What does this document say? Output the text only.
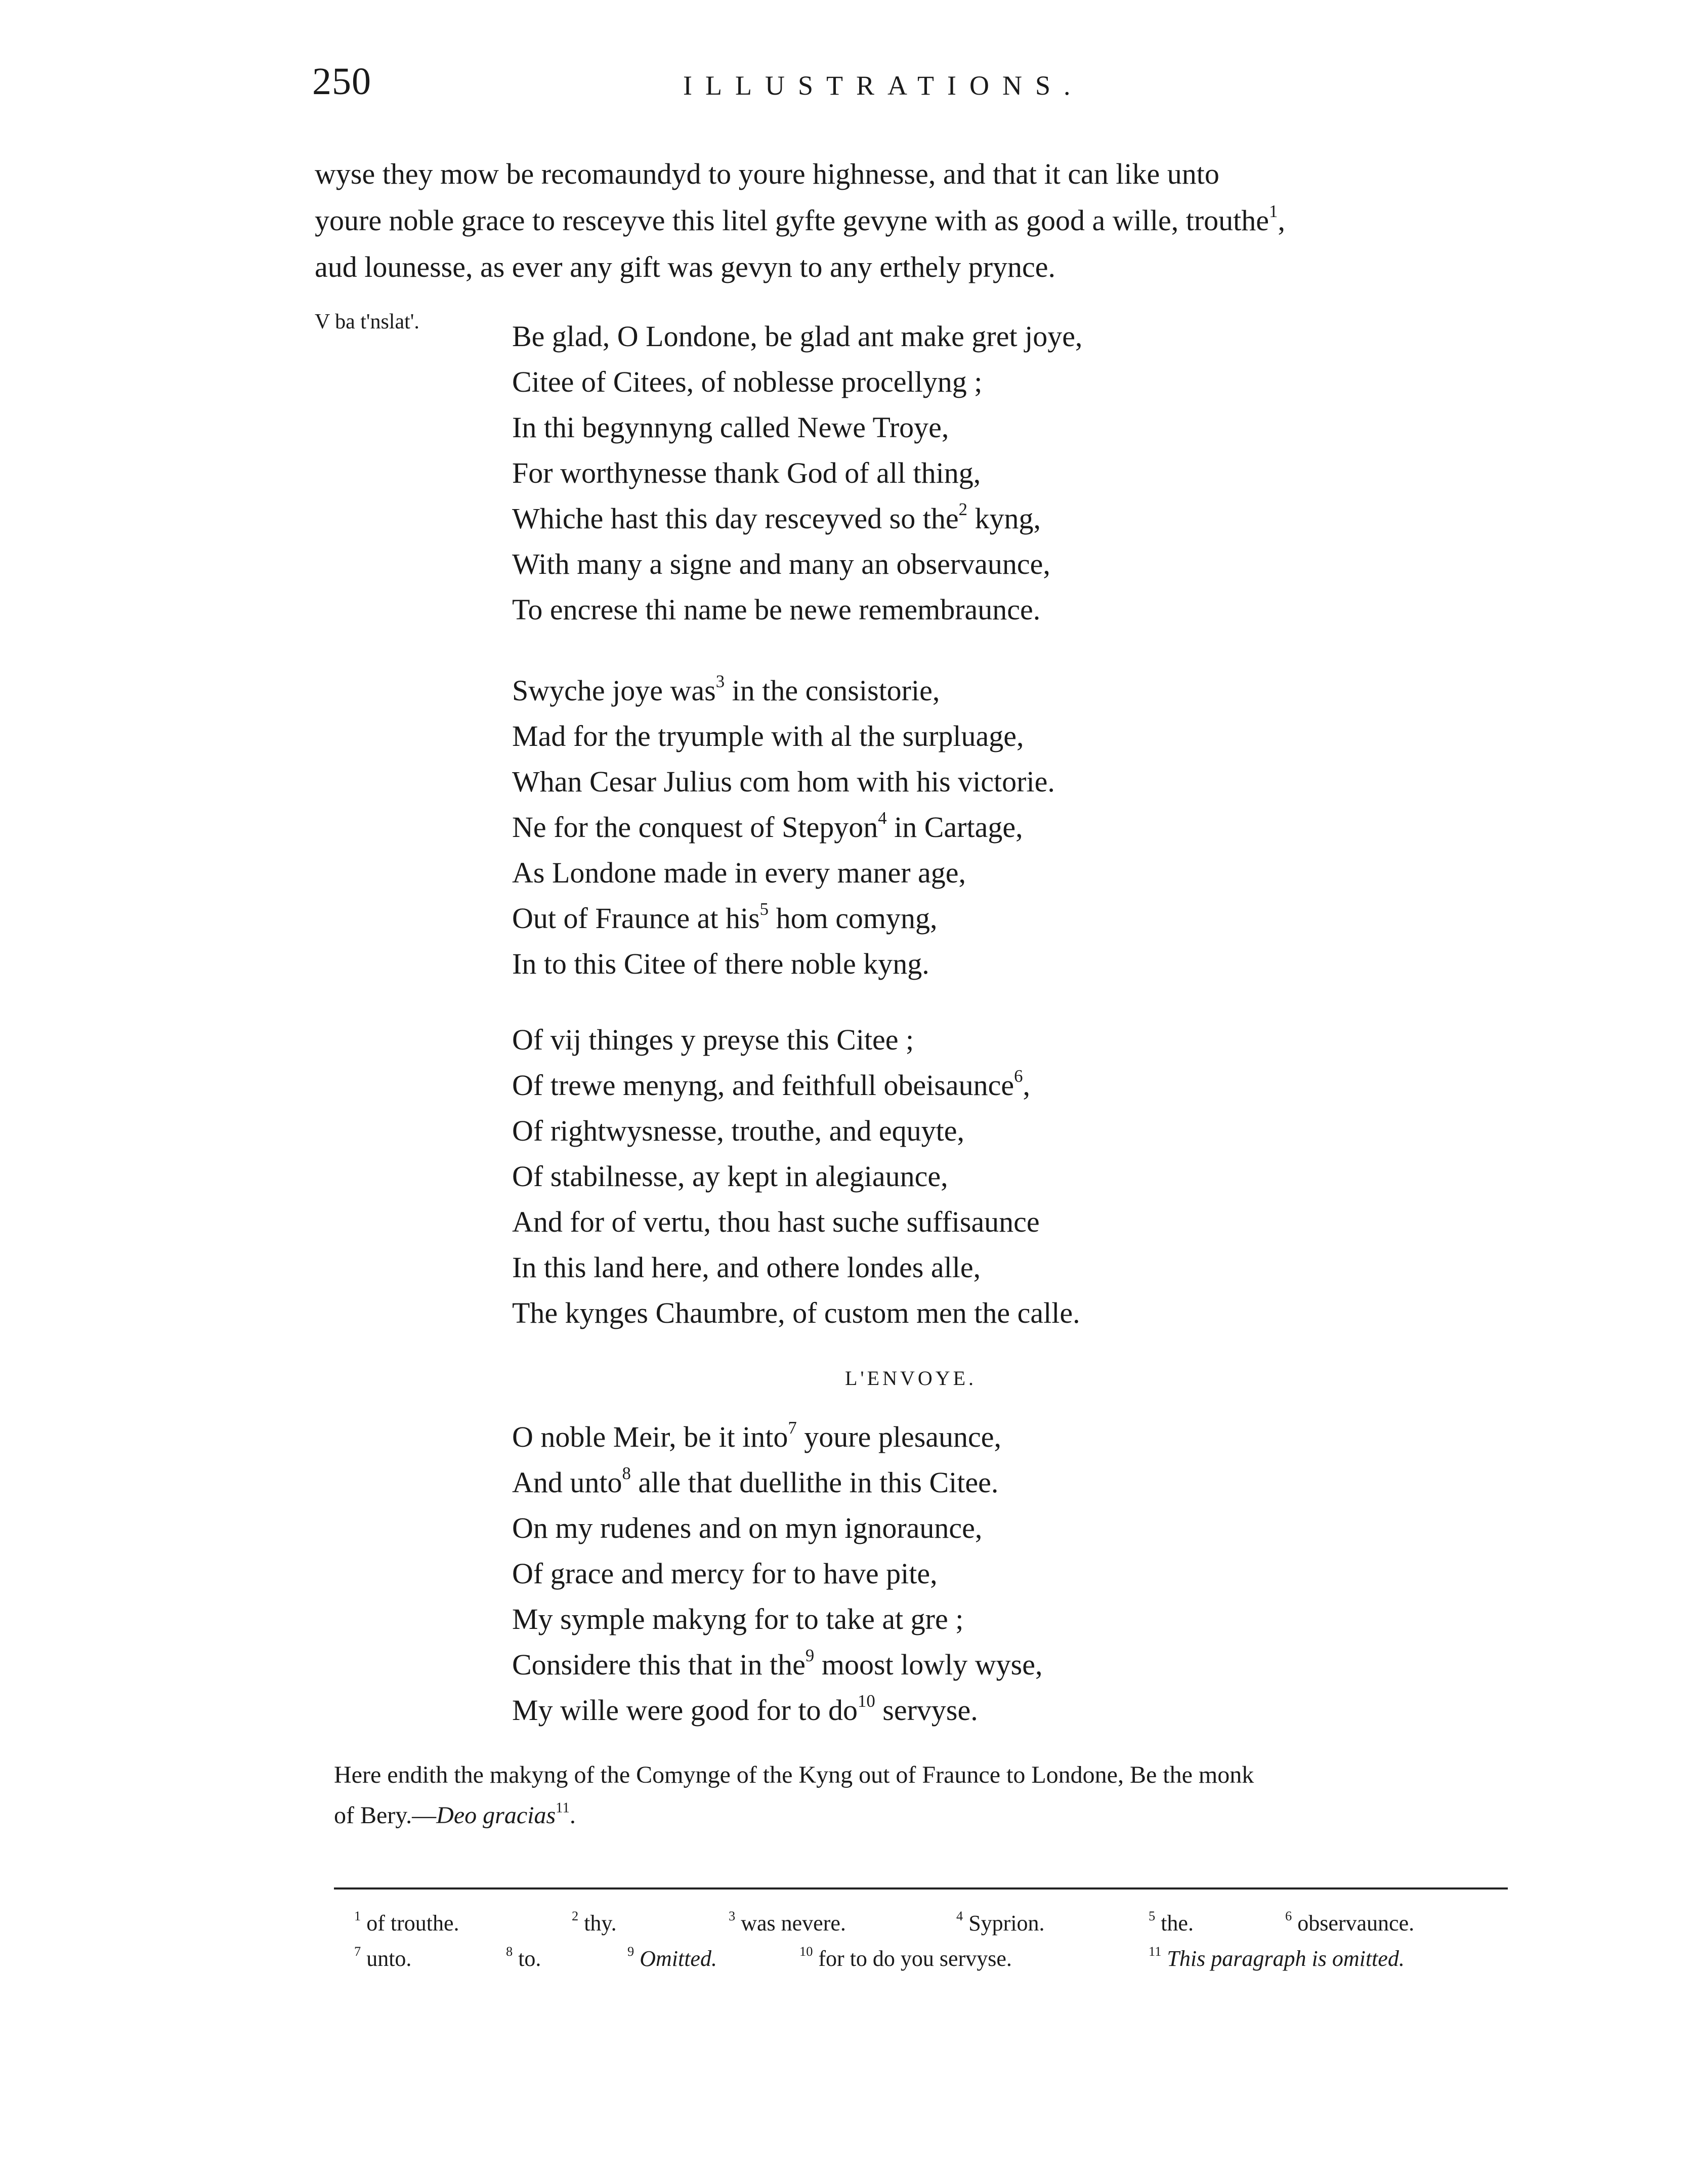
250	ILLUSTRATIONS.
wyse they mow be recomaundyd to youre highnesse, and that it can like unto
youre noble grace to resceyve this litel gyfte gevyne with as good a wille, trouthe$^1$,
aud lounesse, as ever any gift was gevyn to any erthely prynce.
V ba t'nslat'.	Be glad, O Londone, be glad ant make gret joye,
Citee of Citees, of noblesse procellyng ;
In thi begynnyng called Newe Troye,
For worthynesse thank God of all thing,
Whiche hast this day resceyved so the$^2$ kyng,
With many a signe and many an observaunce,
To encrese thi name be newe remembraunce.
Swyche joye was$^3$ in the consistorie,
Mad for the tryumple with al the surpluage,
Whan Cesar Julius com hom with his victorie.
Ne for the conquest of Stepyon$^4$ in Cartage,
As Londone made in every maner age,
Out of Fraunce at his$^5$ hom comyng,
In to this Citee of there noble kyng.
Of vij thinges y preyse this Citee ;
Of trewe menyng, and feithfull obeisaunce$^6$,
Of rightwysnesse, trouthe, and equyte,
Of stabilnesse, ay kept in alegiaunce,
And for of vertu, thou hast suche suffisaunce
In this land here, and othere londes alle,
The kynges Chaumbre, of custom men the calle.
L'ENVOYE.
O noble Meir, be it into$^7$ youre plesaunce,
And unto$^8$ alle that duellithe in this Citee.
On my rudenes and on myn ignoraunce,
Of grace and mercy for to have pite,
My symple makyng for to take at gre ;
Considere this that in the$^9$ moost lowly wyse,
My wille were good for to $do^{10}$ servyse.
Here endith the makyng of the Comynge of the Kyng out of Fraunce to Londone, Be the monk
of Bery.—Deo gracias$^{11}$.
$^1$ of trouthe.	$^2$ thy.	$^3$ was nevere.	$^4$ Syprion.	$^5$ the.	$^6$ observaunce.
$^7$ unto.	$^8$ to.	$^9$ Omitted.	$^{10}$ for to do you servyse.	$^{11}$ This paragraph is omitted.
